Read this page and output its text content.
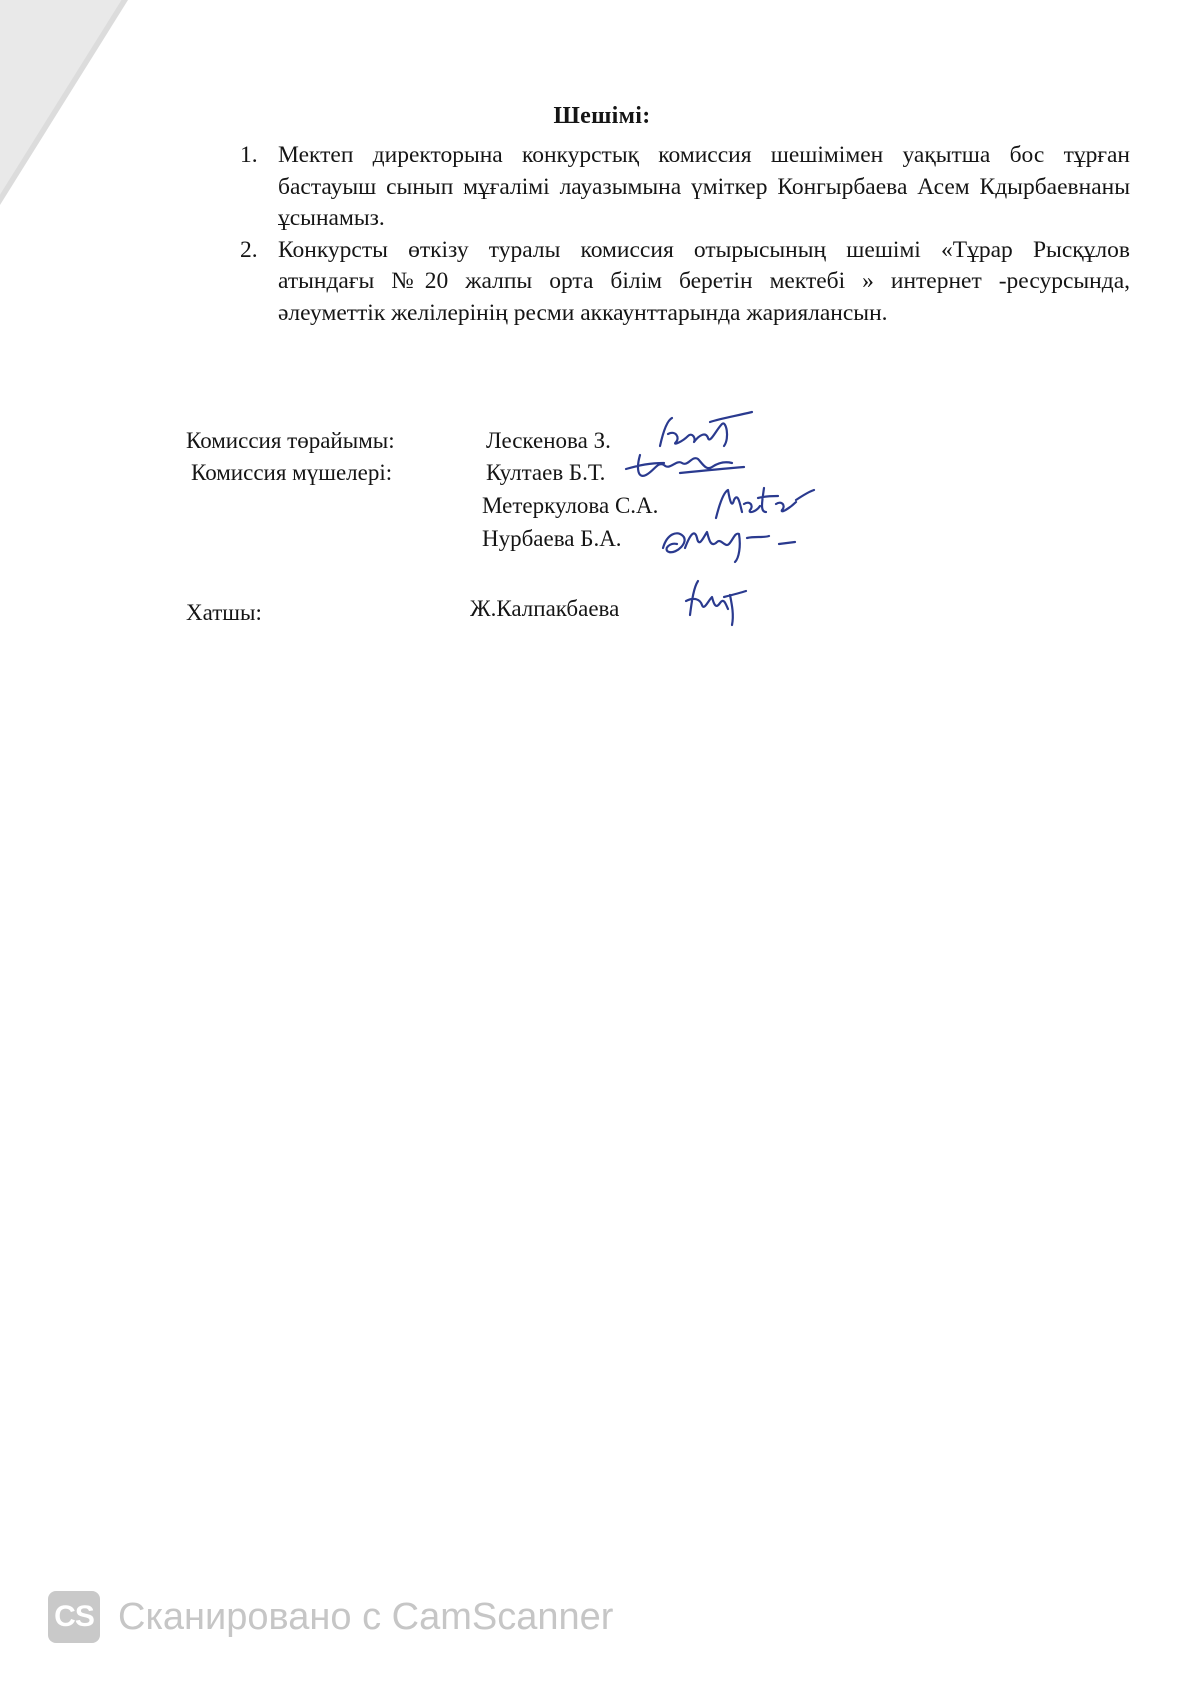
Шешімі:
1. Мектеп директорына конкурстық комиссия шешімімен уақытша бос тұрған бастауыш сынып мұғалімі лауазымына үміткер Конгырбаева Асем Кдырбаевнаны ұсынамыз.
2. Конкурсты өткізу туралы комиссия отырысының шешімі «Тұрар Рысқұлов атындағы №20 жалпы орта білім беретін мектебі » интернет -ресурсында, әлеуметтік желілерінің ресми аккаунттарында жариялансын.
Комиссия төрайымы:
Комиссия мүшелері:
Хатшы:
Лескенова З.
Култаев Б.Т.
Метеркулова С.А.
Нурбаева Б.А.
Ж.Калпакбаева
CS Сканировано с CamScanner
